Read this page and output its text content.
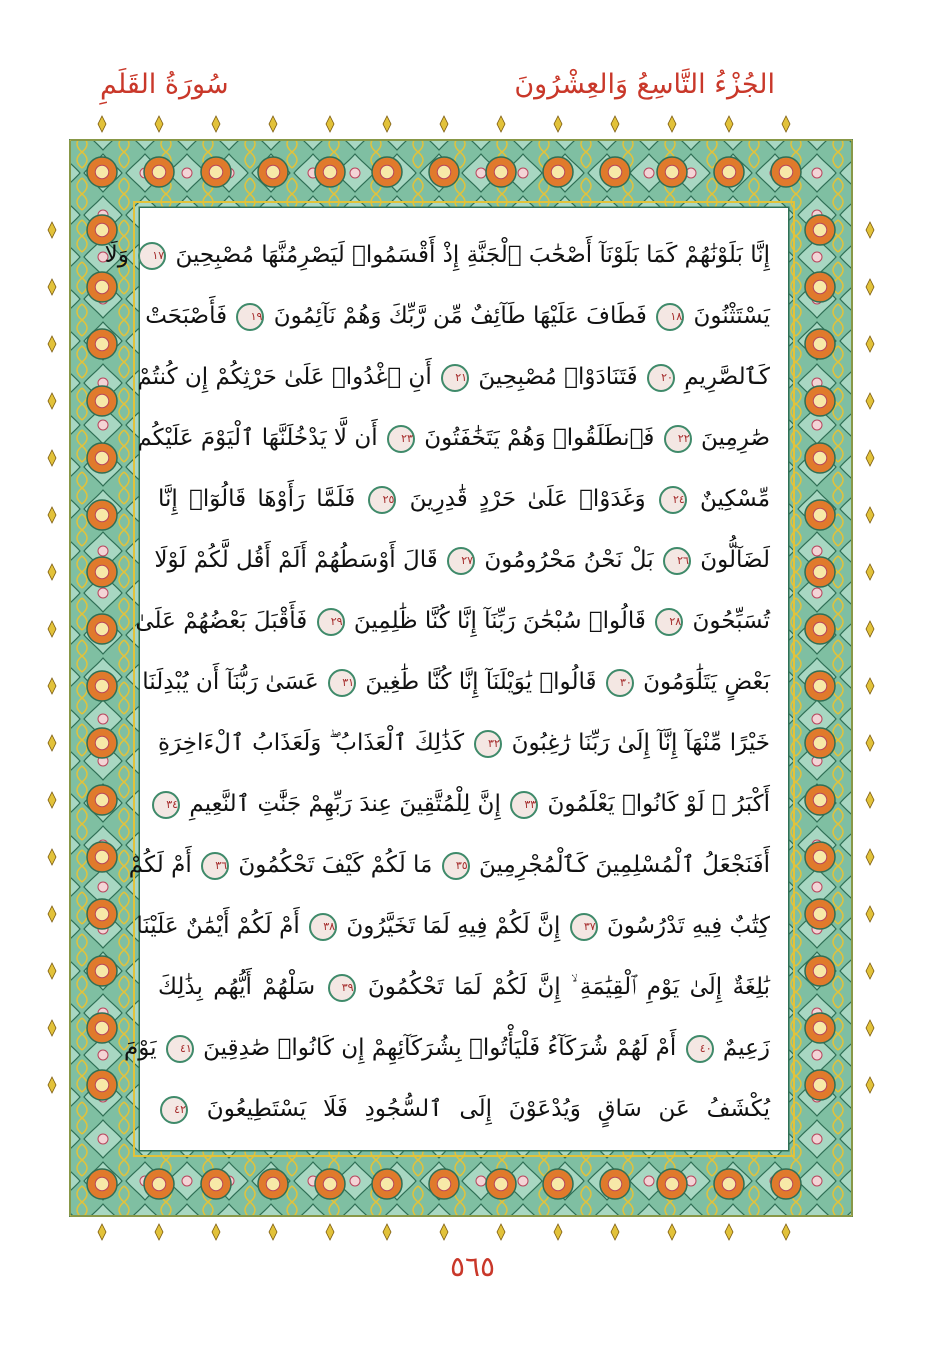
الجُزْءُ التَّاسِعُ وَالعِشْرُونَ
سُورَةُ القَلَمِ
إِنَّا بَلَوْنَٰهُمْ كَمَا بَلَوْنَآ أَصْحَٰبَ ٱلْجَنَّةِ إِذْ أَقْسَمُوا۟ لَيَصْرِمُنَّهَا مُصْبِحِينَ ١٧ وَلَا
يَسْتَثْنُونَ ١٨ فَطَافَ عَلَيْهَا طَآئِفٌ مِّن رَّبِّكَ وَهُمْ نَآئِمُونَ ١٩ فَأَصْبَحَتْ
كَٱلصَّرِيمِ ٢٠ فَتَنَادَوْا۟ مُصْبِحِينَ ٢١ أَنِ ٱغْدُوا۟ عَلَىٰ حَرْثِكُمْ إِن كُنتُمْ
صَٰرِمِينَ ٢٢ فَٱنطَلَقُوا۟ وَهُمْ يَتَخَٰفَتُونَ ٢٣ أَن لَّا يَدْخُلَنَّهَا ٱلْيَوْمَ عَلَيْكُم
مِّسْكِينٌ ٢٤ وَغَدَوْا۟ عَلَىٰ حَرْدٍ قَٰدِرِينَ ٢٥ فَلَمَّا رَأَوْهَا قَالُوٓا۟ إِنَّا
لَضَآلُّونَ ٢٦ بَلْ نَحْنُ مَحْرُومُونَ ٢٧ قَالَ أَوْسَطُهُمْ أَلَمْ أَقُل لَّكُمْ لَوْلَا
تُسَبِّحُونَ ٢٨ قَالُوا۟ سُبْحَٰنَ رَبِّنَآ إِنَّا كُنَّا ظَٰلِمِينَ ٢٩ فَأَقْبَلَ بَعْضُهُمْ عَلَىٰ
بَعْضٍ يَتَلَٰوَمُونَ ٣٠ قَالُوا۟ يَٰوَيْلَنَآ إِنَّا كُنَّا طَٰغِينَ ٣١ عَسَىٰ رَبُّنَآ أَن يُبْدِلَنَا
خَيْرًا مِّنْهَآ إِنَّآ إِلَىٰ رَبِّنَا رَٰغِبُونَ ٣٢ كَذَٰلِكَ ٱلْعَذَابُ ۖ وَلَعَذَابُ ٱلْءَاخِرَةِ
أَكْبَرُ ۚ لَوْ كَانُوا۟ يَعْلَمُونَ ٣٣ إِنَّ لِلْمُتَّقِينَ عِندَ رَبِّهِمْ جَنَّٰتِ ٱلنَّعِيمِ ٣٤
أَفَنَجْعَلُ ٱلْمُسْلِمِينَ كَٱلْمُجْرِمِينَ ٣٥ مَا لَكُمْ كَيْفَ تَحْكُمُونَ ٣٦ أَمْ لَكُمْ
كِتَٰبٌ فِيهِ تَدْرُسُونَ ٣٧ إِنَّ لَكُمْ فِيهِ لَمَا تَخَيَّرُونَ ٣٨ أَمْ لَكُمْ أَيْمَٰنٌ عَلَيْنَا
بَٰلِغَةٌ إِلَىٰ يَوْمِ ٱلْقِيَٰمَةِ ۙ إِنَّ لَكُمْ لَمَا تَحْكُمُونَ ٣٩ سَلْهُمْ أَيُّهُم بِذَٰلِكَ
زَعِيمٌ ٤٠ أَمْ لَهُمْ شُرَكَآءُ فَلْيَأْتُوا۟ بِشُرَكَآئِهِمْ إِن كَانُوا۟ صَٰدِقِينَ ٤١ يَوْمَ
يُكْشَفُ عَن سَاقٍ وَيُدْعَوْنَ إِلَى ٱلسُّجُودِ فَلَا يَسْتَطِيعُونَ ٤٢
٥٦٥
